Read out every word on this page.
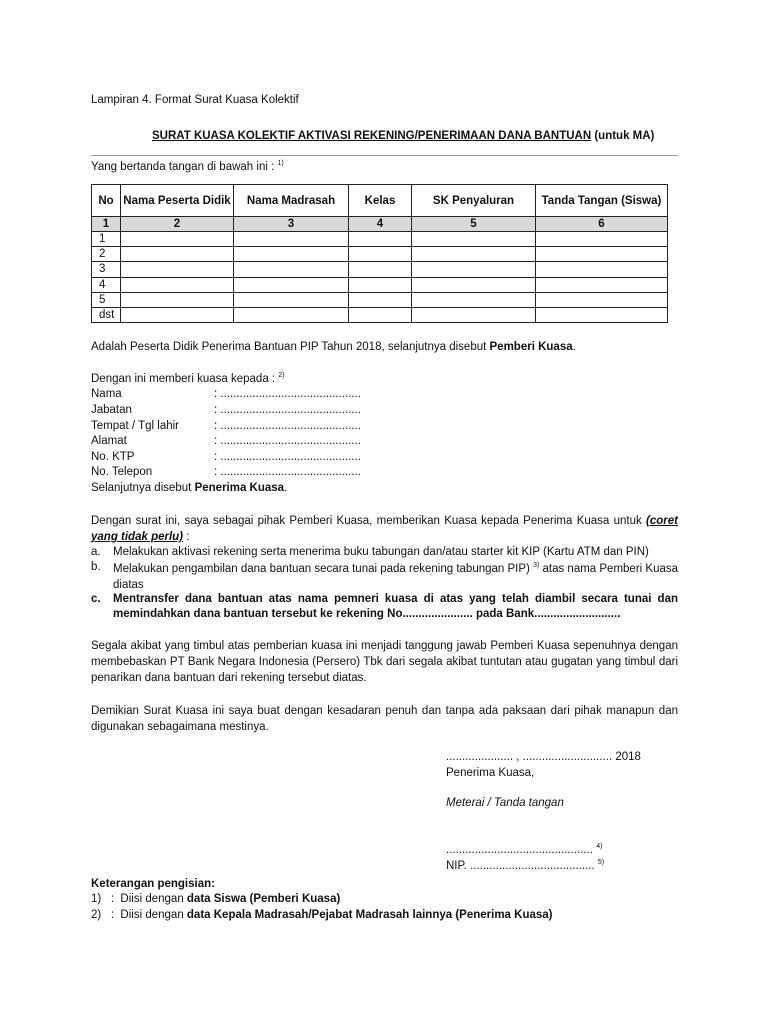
Lampiran 4. Format Surat Kuasa Kolektif
SURAT KUASA KOLEKTIF AKTIVASI REKENING/PENERIMAAN DANA BANTUAN (untuk MA)
Yang bertanda tangan di bawah ini : $^{1)}$
No	Nama Peserta Didik	Nama Madrasah	Kelas	SK Penyaluran	Tanda Tangan (Siswa)
1	2	3	4	5	6
1					
2					
3					
4					
5					
dst					
Adalah Peserta Didik Penerima Bantuan PIP Tahun 2018, selanjutnya disebut Pemberi Kuasa.
Dengan ini memberi kuasa kepada : $^{2)}$
Nama	: ............................................
Jabatan	: ............................................
Tempat / Tgl lahir	: ............................................
Alamat	: ............................................
No. KTP	: ............................................
No. Telepon	: ............................................
Selanjutnya disebut Penerima Kuasa.
Dengan surat ini, saya sebagai pihak Pemberi Kuasa, memberikan Kuasa kepada Penerima Kuasa untuk (coret yang tidak perlu) :
a. Melakukan aktivasi rekening serta menerima buku tabungan dan/atau starter kit KIP (Kartu ATM dan PIN)
b. Melakukan pengambilan dana bantuan secara tunai pada rekening tabungan PIP) $^{3)}$ atas nama Pemberi Kuasa diatas
c. Mentransfer dana bantuan atas nama pemneri kuasa di atas yang telah diambil secara tunai dan
memindahkan dana bantuan tersebut ke rekening No...................... pada Bank...........................
Segala akibat yang timbul atas pemberian kuasa ini menjadi tanggung jawab Pemberi Kuasa sepenuhnya dengan membebaskan PT Bank Negara Indonesia (Persero) Tbk dari segala akibat tuntutan atau gugatan yang timbul dari penarikan dana bantuan dari rekening tersebut diatas.
Demikian Surat Kuasa ini saya buat dengan kesadaran penuh dan tanpa ada paksaan dari pihak manapun dan digunakan sebagaimana mestinya.
..................... , ............................ 2018
Penerima Kuasa,
Meterai / Tanda tangan
.............................................. $^{4)}$
NIP. ....................................... $^{5)}$
Keterangan pengisian:
1) : Diisi dengan data Siswa (Pemberi Kuasa)
2) : Diisi dengan data Kepala Madrasah/Pejabat Madrasah lainnya (Penerima Kuasa)
